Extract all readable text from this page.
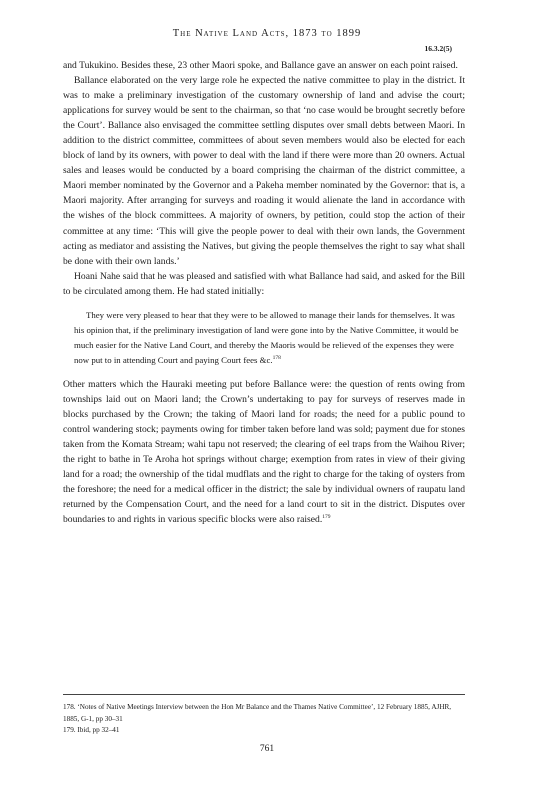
The Native Land Acts, 1873 to 1899
16.3.2(5)

and Tukukino. Besides these, 23 other Maori spoke, and Ballance gave an answer on each point raised.

Ballance elaborated on the very large role he expected the native committee to play in the district. It was to make a preliminary investigation of the customary ownership of land and advise the court; applications for survey would be sent to the chairman, so that ‘no case would be brought secretly before the Court’. Ballance also envisaged the committee settling disputes over small debts between Maori. In addition to the district committee, committees of about seven members would also be elected for each block of land by its owners, with power to deal with the land if there were more than 20 owners. Actual sales and leases would be conducted by a board comprising the chairman of the district committee, a Maori member nominated by the Governor and a Pakeha member nominated by the Governor: that is, a Maori majority. After arranging for surveys and roading it would alienate the land in accordance with the wishes of the block committees. A majority of owners, by petition, could stop the action of their committee at any time: ‘This will give the people power to deal with their own lands, the Government acting as mediator and assisting the Natives, but giving the people themselves the right to say what shall be done with their own lands.’

Hoani Nahe said that he was pleased and satisfied with what Ballance had said, and asked for the Bill to be circulated among them. He had stated initially:

They were very pleased to hear that they were to be allowed to manage their lands for themselves. It was his opinion that, if the preliminary investigation of land were gone into by the Native Committee, it would be much easier for the Native Land Court, and thereby the Maoris would be relieved of the expenses they were now put to in attending Court and paying Court fees &c.$^{178}$

Other matters which the Hauraki meeting put before Ballance were: the question of rents owing from townships laid out on Maori land; the Crown’s undertaking to pay for surveys of reserves made in blocks purchased by the Crown; the taking of Maori land for roads; the need for a public pound to control wandering stock; payments owing for timber taken before land was sold; payment due for stones taken from the Komata Stream; wahi tapu not reserved; the clearing of eel traps from the Waihou River; the right to bathe in Te Aroha hot springs without charge; exemption from rates in view of their giving land for a road; the ownership of the tidal mudflats and the right to charge for the taking of oysters from the foreshore; the need for a medical officer in the district; the sale by individual owners of raupatu land returned by the Compensation Court, and the need for a land court to sit in the district. Disputes over boundaries to and rights in various specific blocks were also raised.$^{179}$

178. ‘Notes of Native Meetings Interview between the Hon Mr Balance and the Thames Native Committee’, 12 February 1885, AJHR, 1885, G-1, pp 30–31
179. Ibid, pp 32–41
761
